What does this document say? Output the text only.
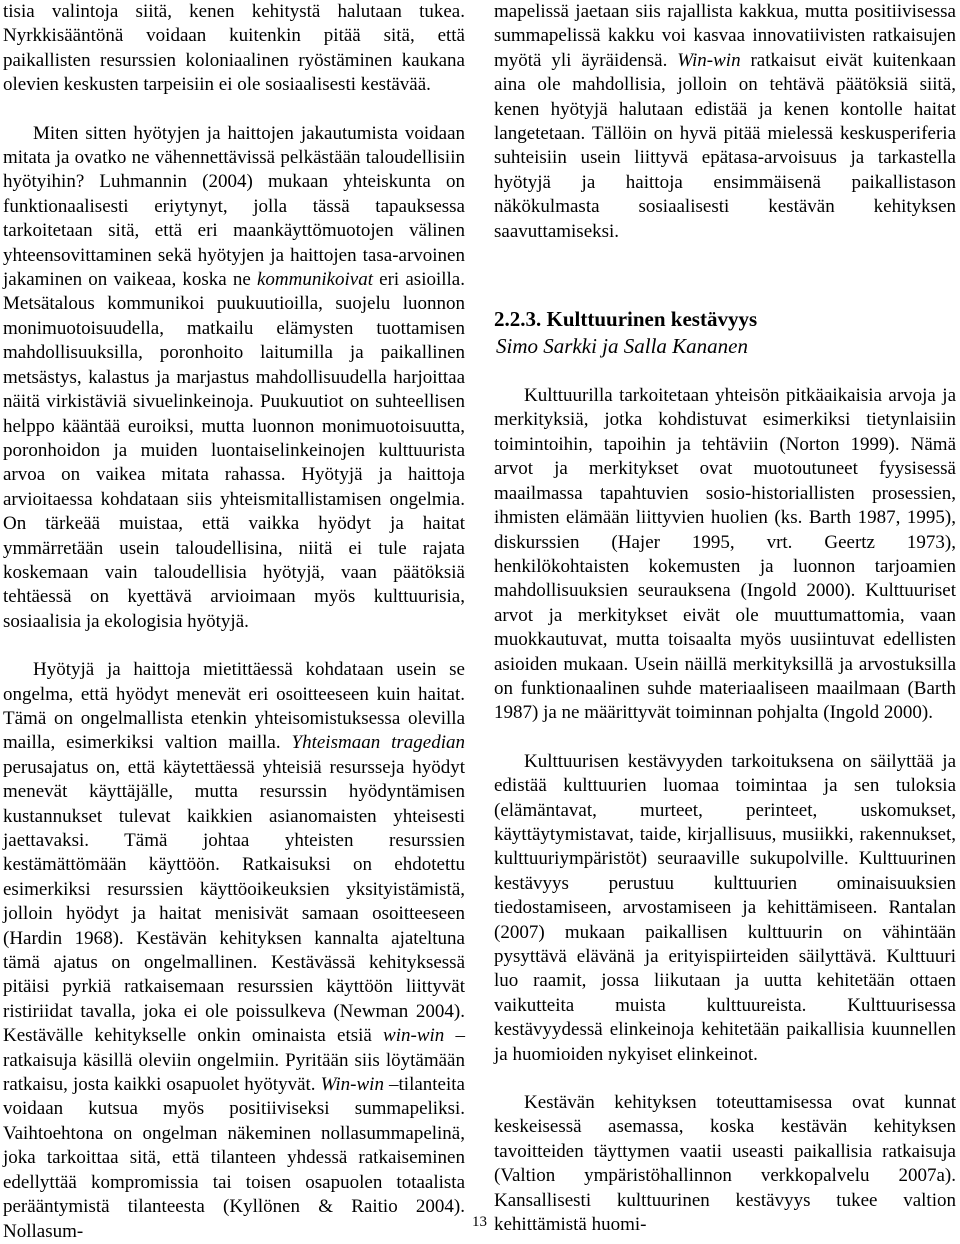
tisia valintoja siitä, kenen kehitystä halutaan tukea. Nyrkkisääntönä voidaan kuitenkin pitää sitä, että paikallisten resurssien koloniaalinen ryöstäminen kaukana olevien keskusten tarpeisiin ei ole sosiaalisesti kestävää.

Miten sitten hyötyjen ja haittojen jakautumista voidaan mitata ja ovatko ne vähennettävissä pelkästään taloudellisiin hyötyihin? Luhmannin (2004) mukaan yhteiskunta on funktionaalisesti eriytynyt, jolla tässä tapauksessa tarkoitetaan sitä, että eri maankäyttömuotojen välinen yhteensovittaminen sekä hyötyjen ja haittojen tasa-arvoinen jakaminen on vaikeaa, koska ne kommunikoivat eri asioilla. Metsätalous kommunikoi puukuutioilla, suojelu luonnon monimuotoisuudella, matkailu elämysten tuottamisen mahdollisuuksilla, poronhoito laitumilla ja paikallinen metsästys, kalastus ja marjastus mahdollisuudella harjoittaa näitä virkistäviä sivuelinkeinoja. Puukuutiot on suhteellisen helppo kääntää euroiksi, mutta luonnon monimuotoisuutta, poronhoidon ja muiden luontaiselinkeinojen kulttuurista arvoa on vaikea mitata rahassa. Hyötyjä ja haittoja arvioitaessa kohdataan siis yhteismitallistamisen ongelmia. On tärkeää muistaa, että vaikka hyödyt ja haitat ymmärretään usein taloudellisina, niitä ei tule rajata koskemaan vain taloudellisia hyötyjä, vaan päätöksiä tehtäessä on kyettävä arvioimaan myös kulttuurisia, sosiaalisia ja ekologisia hyötyjä.

Hyötyjä ja haittoja mietittäessä kohdataan usein se ongelma, että hyödyt menevät eri osoitteeseen kuin haitat. Tämä on ongelmallista etenkin yhteisomistuksessa olevilla mailla, esimerkiksi valtion mailla. Yhteismaan tragedian perusajatus on, että käytettäessä yhteisiä resursseja hyödyt menevät käyttäjälle, mutta resurssin hyödyntämisen kustannukset tulevat kaikkien asianomaisten yhteisesti jaettavaksi. Tämä johtaa yhteisten resurssien kestämättömään käyttöön. Ratkaisuksi on ehdotettu esimerkiksi resurssien käyttöoikeuksien yksityistämistä, jolloin hyödyt ja haitat menisivät samaan osoitteeseen (Hardin 1968). Kestävän kehityksen kannalta ajateltuna tämä ajatus on ongelmallinen. Kestävässä kehityksessä pitäisi pyrkiä ratkaisemaan resurssien käyttöön liittyvät ristiriidat tavalla, joka ei ole poissulkeva (Newman 2004). Kestävälle kehitykselle onkin ominaista etsiä win-win –ratkaisuja käsillä oleviin ongelmiin. Pyritään siis löytämään ratkaisu, josta kaikki osapuolet hyötyvät. Win-win –tilanteita voidaan kutsua myös positiiviseksi summapeliksi. Vaihtoehtona on ongelman näkeminen nollasummapelinä, joka tarkoittaa sitä, että tilanteen yhdessä ratkaiseminen edellyttää kompromissia tai toisen osapuolen totaalista perääntymistä tilanteesta (Kyllönen & Raitio 2004). Nollasum-

mapelissä jaetaan siis rajallista kakkua, mutta positiivisessa summapelissä kakku voi kasvaa innovatiivisten ratkaisujen myötä yli äyräidensä. Win-win ratkaisut eivät kuitenkaan aina ole mahdollisia, jolloin on tehtävä päätöksiä siitä, kenen hyötyjä halutaan edistää ja kenen kontolle haitat langetetaan. Tällöin on hyvä pitää mielessä keskusperiferia suhteisiin usein liittyvä epätasa-arvoisuus ja tarkastella hyötyjä ja haittoja ensimmäisenä paikallistason näkökulmasta sosiaalisesti kestävän kehityksen saavuttamiseksi.

2.2.3. Kulttuurinen kestävyys

Simo Sarkki ja Salla Kananen

Kulttuurilla tarkoitetaan yhteisön pitkäaikaisia arvoja ja merkityksiä, jotka kohdistuvat esimerkiksi tietynlaisiin toimintoihin, tapoihin ja tehtäviin (Norton 1999). Nämä arvot ja merkitykset ovat muotoutuneet fyysisessä maailmassa tapahtuvien sosio-historiallisten prosessien, ihmisten elämään liittyvien huolien (ks. Barth 1987, 1995), diskurssien (Hajer 1995, vrt. Geertz 1973), henkilökohtaisten kokemusten ja luonnon tarjoamien mahdollisuuksien seurauksena (Ingold 2000). Kulttuuriset arvot ja merkitykset eivät ole muuttumattomia, vaan muokkautuvat, mutta toisaalta myös uusiintuvat edellisten asioiden mukaan. Usein näillä merkityksillä ja arvostuksilla on funktionaalinen suhde materiaaliseen maailmaan (Barth 1987) ja ne määrittyvät toiminnan pohjalta (Ingold 2000).

Kulttuurisen kestävyyden tarkoituksena on säilyttää ja edistää kulttuurien luomaa toimintaa ja sen tuloksia (elämäntavat, murteet, perinteet, uskomukset, käyttäytymistavat, taide, kirjallisuus, musiikki, rakennukset, kulttuuriympäristöt) seuraaville sukupolville. Kulttuurinen kestävyys perustuu kulttuurien ominaisuuksien tiedostamiseen, arvostamiseen ja kehittämiseen. Rantalan (2007) mukaan paikallisen kulttuurin on vähintään pysyttävä elävänä ja erityispiirteiden säilyttävä. Kulttuuri luo raamit, jossa liikutaan ja uutta kehitetään ottaen vaikutteita muista kulttuureista. Kulttuurisessa kestävyydessä elinkeinoja kehitetään paikallisia kuunnellen ja huomioiden nykyiset elinkeinot.

Kestävän kehityksen toteuttamisessa ovat kunnat keskeisessä asemassa, koska kestävän kehityksen tavoitteiden täyttymen vaatii useasti paikallisia ratkaisuja (Valtion ympäristöhallinnon verkkopalvelu 2007a). Kansallisesti kulttuurinen kestävyys tukee valtion kehittämistä huomi-

13
